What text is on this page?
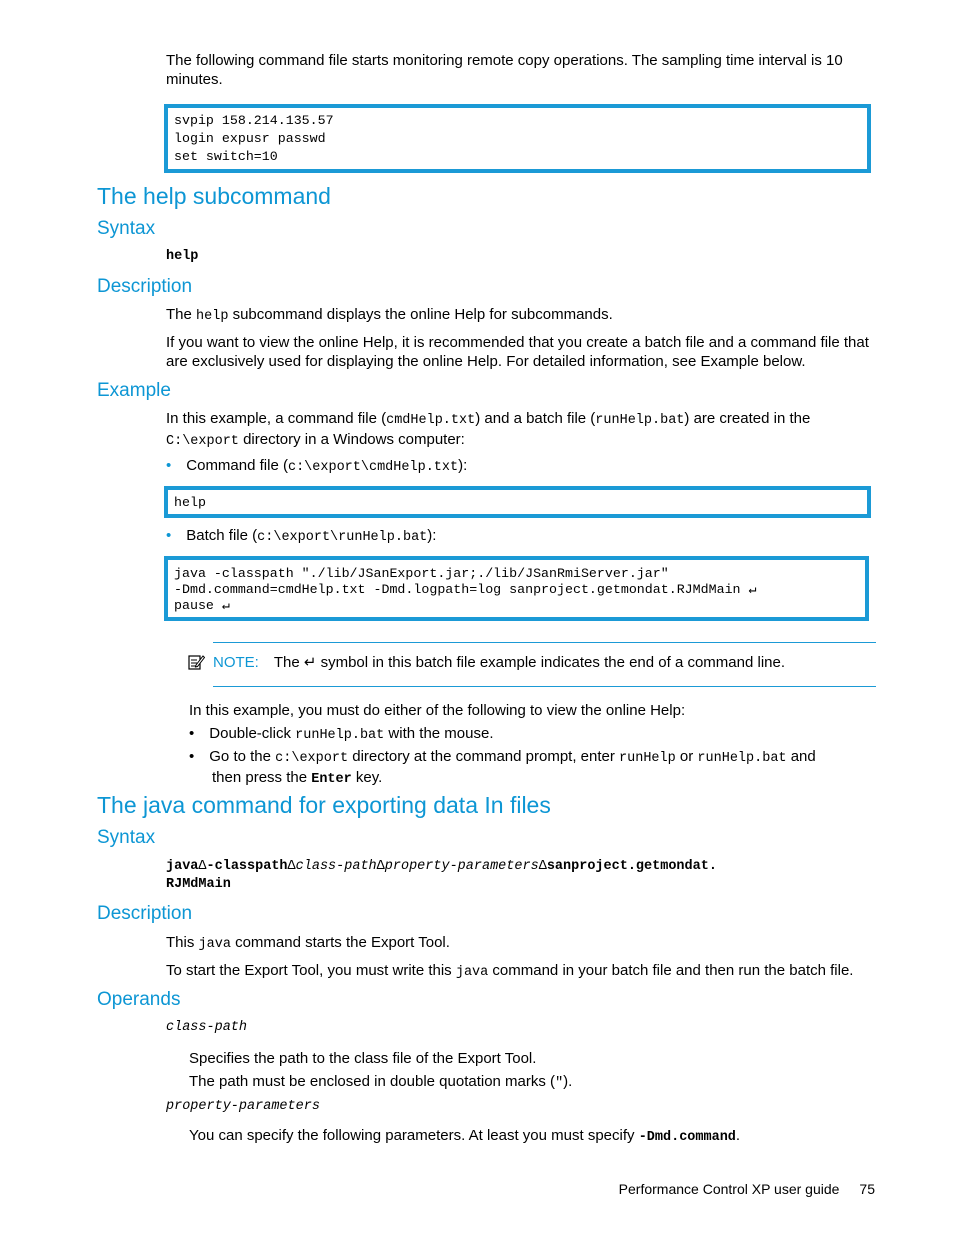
The following command file starts monitoring remote copy operations. The sampling time interval is 10 minutes.
svpip 158.214.135.57
login expusr passwd
set switch=10
The help subcommand
Syntax
help
Description
The help subcommand displays the online Help for subcommands.
If you want to view the online Help, it is recommended that you create a batch file and a command file that are exclusively used for displaying the online Help. For detailed information, see Example below.
Example
In this example, a command file (cmdHelp.txt) and a batch file (runHelp.bat) are created in the
C:\export directory in a Windows computer:
• Command file (c:\export\cmdHelp.txt):
help
• Batch file (c:\export\runHelp.bat):
java -classpath "./lib/JSanExport.jar;./lib/JSanRmiServer.jar"
-Dmd.command=cmdHelp.txt -Dmd.logpath=log sanproject.getmondat.RJMdMain ↵
pause ↵
NOTE: The ↵ symbol in this batch file example indicates the end of a command line.
In this example, you must do either of the following to view the online Help:
• Double-click runHelp.bat with the mouse.
• Go to the c:\export directory at the command prompt, enter runHelp or runHelp.bat and
then press the Enter key.
The java command for exporting data In files
Syntax
javaΔ-classpathΔclass-pathΔproperty-parametersΔsanproject.getmondat.
RJMdMain
Description
This java command starts the Export Tool.
To start the Export Tool, you must write this java command in your batch file and then run the batch file.
Operands
class-path
Specifies the path to the class file of the Export Tool.
The path must be enclosed in double quotation marks (").
property-parameters
You can specify the following parameters. At least you must specify -Dmd.command.
Performance Control XP user guide 75
